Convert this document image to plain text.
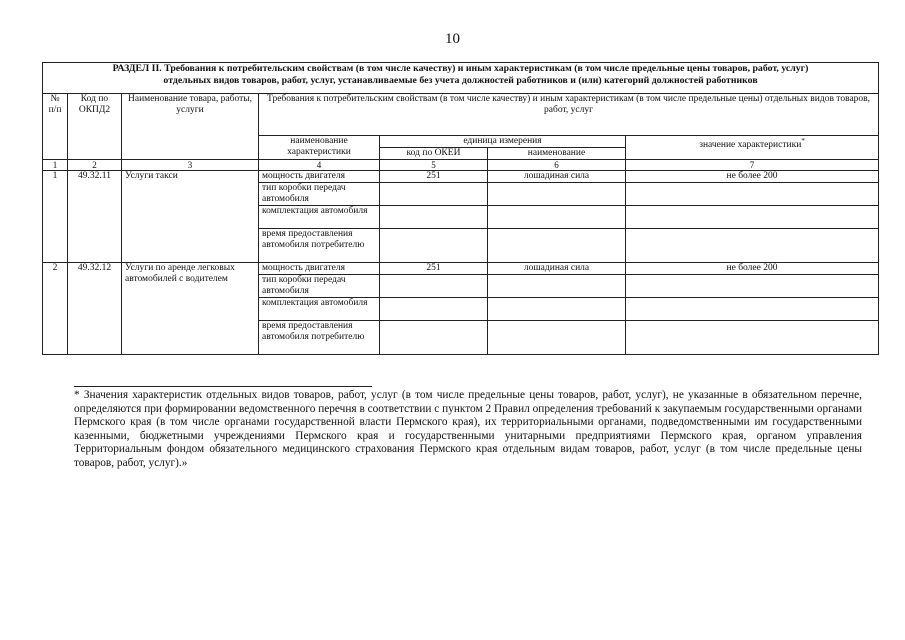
10
РАЗДЕЛ II. Требования к потребительским свойствам (в том числе качеству) и иным характеристикам (в том числе предельные цены товаров, работ, услуг)
отдельных видов товаров, работ, услуг, устанавливаемые без учета должностей работников и (или) категорий должностей работников						

№ п/п	Код по ОКПД2	Наименование товара, работы, услуги	Требования к потребительским свойствам (в том числе качеству) и иным характеристикам (в том числе предельные цены) отдельных видов товаров, работ, услуг			
			наименование характеристики	единица измерения		значение характеристики*
				код по ОКЕИ	наименование	
1	2	3	4	5	6	7
1	49.32.11	Услуги такси	мощность двигателя	251	лошадиная сила	не более 200
			тип коробки передач автомобиля			
			комплектация автомобиля			
			время предоставления автомобиля потребителю			
2	49.32.12	Услуги по аренде легковых автомобилей с водителем	мощность двигателя	251	лошадиная сила	не более 200
			тип коробки передач автомобиля			
			комплектация автомобиля			
			время предоставления автомобиля потребителю			
* Значения характеристик отдельных видов товаров, работ, услуг (в том числе предельные цены товаров, работ, услуг), не указанные в обязательном перечне, определяются при формировании ведомственного перечня в соответствии с пунктом 2 Правил определения требований к закупаемым государственными органами Пермского края (в том числе органами государственной власти Пермского края), их территориальными органами, подведомственными им государственными казенными, бюджетными учреждениями Пермского края и государственными унитарными предприятиями Пермского края, органом управления Территориальным фондом обязательного медицинского страхования Пермского края отдельным видам товаров, работ, услуг (в том числе предельные цены товаров, работ, услуг).»
